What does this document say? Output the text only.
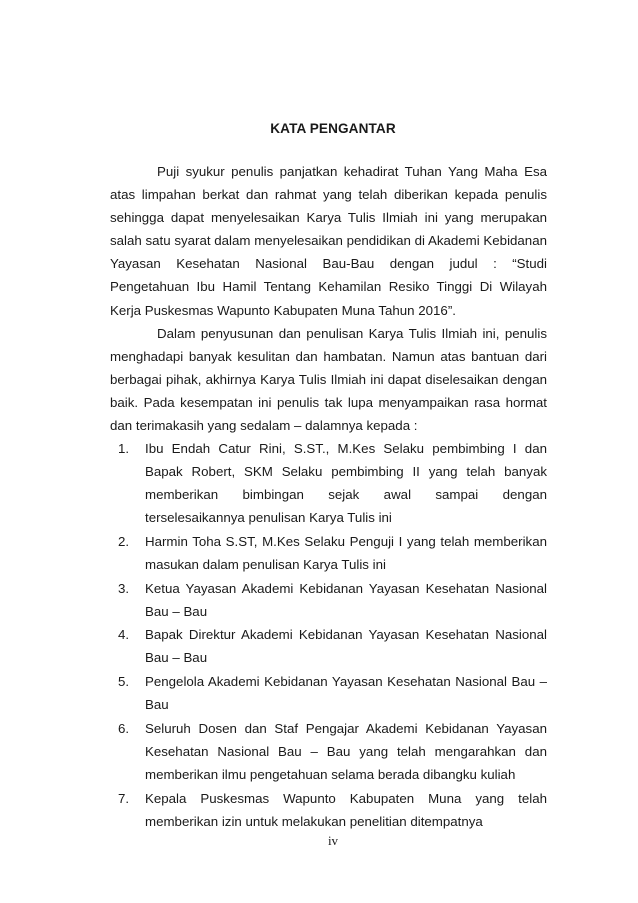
KATA PENGANTAR

Puji syukur penulis panjatkan kehadirat Tuhan Yang Maha Esa atas limpahan berkat dan rahmat yang telah diberikan kepada penulis sehingga dapat menyelesaikan Karya Tulis Ilmiah ini yang merupakan salah satu syarat dalam menyelesaikan pendidikan di Akademi Kebidanan Yayasan Kesehatan Nasional Bau-Bau dengan judul : “Studi Pengetahuan Ibu Hamil Tentang Kehamilan Resiko Tinggi Di Wilayah Kerja Puskesmas Wapunto Kabupaten Muna Tahun 2016”.

Dalam penyusunan dan penulisan Karya Tulis Ilmiah ini, penulis menghadapi banyak kesulitan dan hambatan. Namun atas bantuan dari berbagai pihak, akhirnya Karya Tulis Ilmiah ini dapat diselesaikan dengan baik. Pada kesempatan ini penulis tak lupa menyampaikan rasa hormat dan terimakasih yang sedalam – dalamnya kepada :

1. Ibu Endah Catur Rini, S.ST., M.Kes Selaku pembimbing I dan Bapak Robert, SKM Selaku pembimbing II yang telah banyak memberikan bimbingan sejak awal sampai dengan terselesaikannya penulisan Karya Tulis ini
2. Harmin Toha S.ST, M.Kes Selaku Penguji I yang telah memberikan masukan dalam penulisan Karya Tulis ini
3. Ketua Yayasan Akademi Kebidanan Yayasan Kesehatan Nasional Bau – Bau
4. Bapak Direktur Akademi Kebidanan Yayasan Kesehatan Nasional Bau – Bau
5. Pengelola Akademi Kebidanan Yayasan Kesehatan Nasional Bau – Bau
6. Seluruh Dosen dan Staf Pengajar Akademi Kebidanan Yayasan Kesehatan Nasional Bau – Bau yang telah mengarahkan dan memberikan ilmu pengetahuan selama berada dibangku kuliah
7. Kepala Puskesmas Wapunto Kabupaten Muna yang telah memberikan izin untuk melakukan penelitian ditempatnya
iv
